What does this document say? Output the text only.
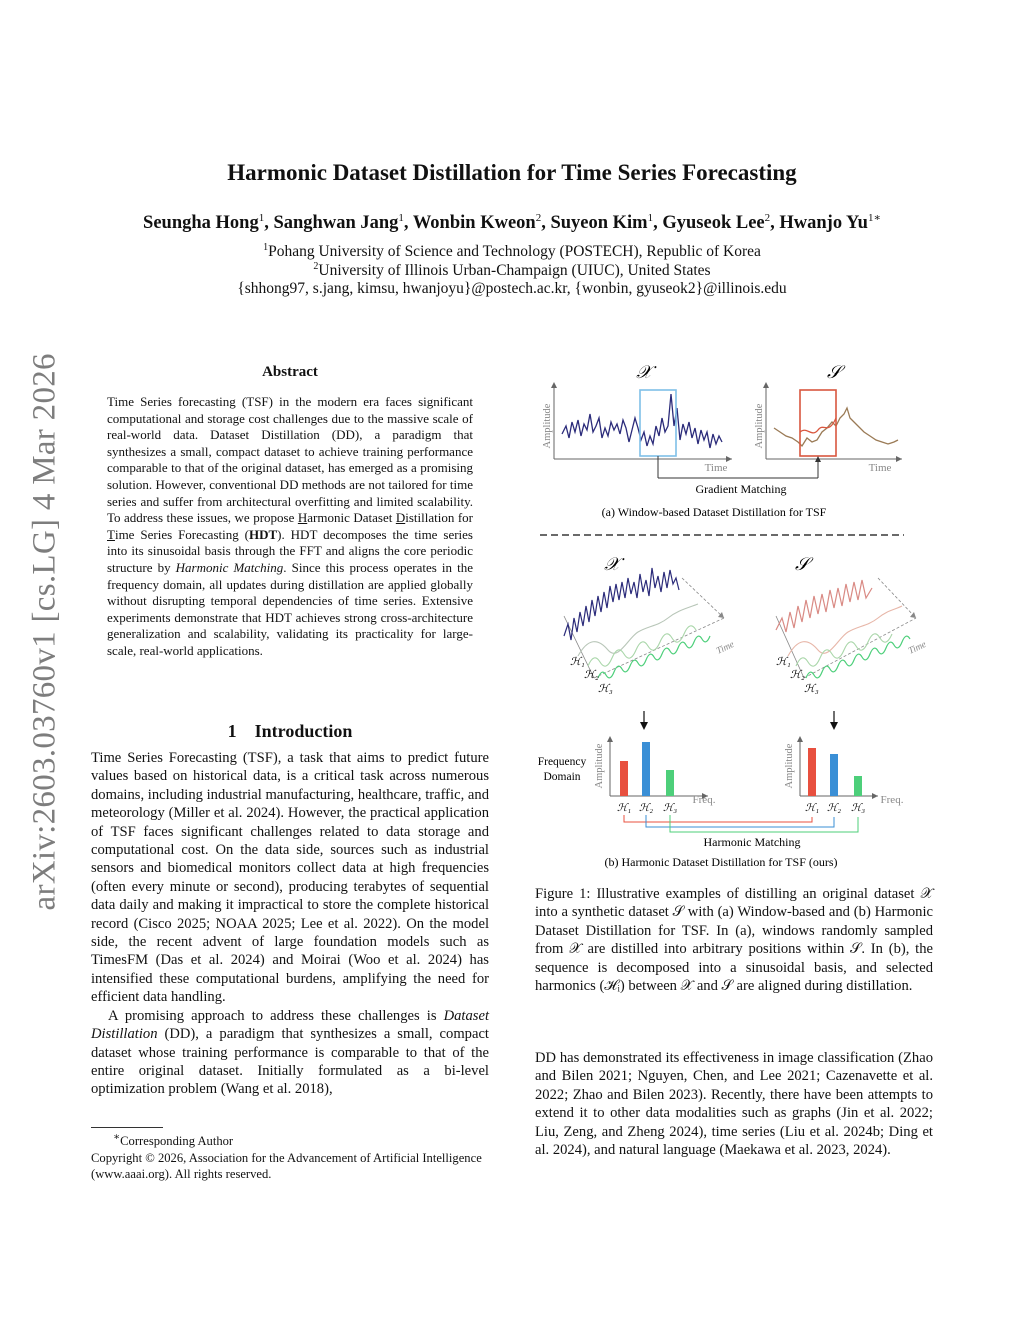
arXiv:2603.03760v1 [cs.LG] 4 Mar 2026
Harmonic Dataset Distillation for Time Series Forecasting
Seungha Hong$^1$, Sanghwan Jang$^1$, Wonbin Kweon$^2$, Suyeon Kim$^1$, Gyuseok Lee$^2$, Hwanjo $Yu^{1∗}$
$^1$Pohang University of Science and Technology (POSTECH), Republic of Korea
$^2$University of Illinois Urban-Champaign (UIUC), United States
{shhong97, s.jang, kimsu, hwanjoyu}@postech.ac.kr, {wonbin, gyuseok2}@illinois.edu
Abstract
Time Series forecasting (TSF) in the modern era faces significant computational and storage cost challenges due to the massive scale of real-world data. Dataset Distillation (DD), a paradigm that synthesizes a small, compact dataset to achieve training performance comparable to that of the original dataset, has emerged as a promising solution. However, conventional DD methods are not tailored for time series and suffer from architectural overfitting and limited scalability. To address these issues, we propose Harmonic Dataset Distillation for Time Series Forecasting (HDT). HDT decomposes the time series into its sinusoidal basis through the FFT and aligns the core periodic structure by Harmonic Matching. Since this process operates in the frequency domain, all updates during distillation are applied globally without disrupting temporal dependencies of time series. Extensive experiments demonstrate that HDT achieves strong cross-architecture generalization and scalability, validating its practicality for large-scale, real-world applications.
1 Introduction

Time Series Forecasting (TSF), a task that aims to predict future values based on historical data, is a critical task across numerous domains, including industrial manufacturing, healthcare, traffic, and meteorology (Miller et al. 2024). However, the practical application of TSF faces significant challenges related to data storage and computational cost. On the data side, sources such as industrial sensors and biomedical monitors collect data at high frequencies (often every minute or second), producing terabytes of sequential data daily and making it impractical to store the complete historical record (Cisco 2025; NOAA 2025; Lee et al. 2022). On the model side, the recent advent of large foundation models such as TimesFM (Das et al. 2024) and Moirai (Woo et al. 2024) has intensified these computational burdens, amplifying the need for efficient data handling.

A promising approach to address these challenges is Dataset Distillation (DD), a paradigm that synthesizes a small, compact dataset whose training performance is comparable to that of the entire original dataset. Initially formulated as a bi-level optimization problem (Wang et al. 2018),

∗Corresponding Author
Copyright © 2026, Association for the Advancement of Artificial Intelligence (www.aaai.org). All rights reserved.
𝒳
Amplitude
Time
𝒮
Amplitude
Time
Gradient Matching
(a) Window-based Dataset Distillation for TSF
𝒳
Time
ℋ₁
ℋ₂
ℋ₃
𝒮
Time
ℋ₁
ℋ₂
ℋ₃
Frequency
Domain Amplitude
Freq.
ℋ₁ ℋ₂ ℋ₃
Amplitude
Freq.
ℋ₁ ℋ₂ ℋ₃
Harmonic Matching
(b) Harmonic Dataset Distillation for TSF (ours)
Figure 1: Illustrative examples of distilling an original dataset 𝒳 into a synthetic dataset 𝒮 with (a) Window-based and (b) Harmonic Dataset Distillation for TSF. In (a), windows randomly sampled from 𝒳 are distilled into arbitrary positions within 𝒮. In (b), the sequence is decomposed into a sinusoidal basis, and selected harmonics (ℋᵢ) between 𝒳 and 𝒮 are aligned during distillation.
DD has demonstrated its effectiveness in image classification (Zhao and Bilen 2021; Nguyen, Chen, and Lee 2021; Cazenavette et al. 2022; Zhao and Bilen 2023). Recently, there have been attempts to extend it to other data modalities such as graphs (Jin et al. 2022; Liu, Zeng, and Zheng 2024), time series (Liu et al. 2024b; Ding et al. 2024), and natural language (Maekawa et al. 2023, 2024).
